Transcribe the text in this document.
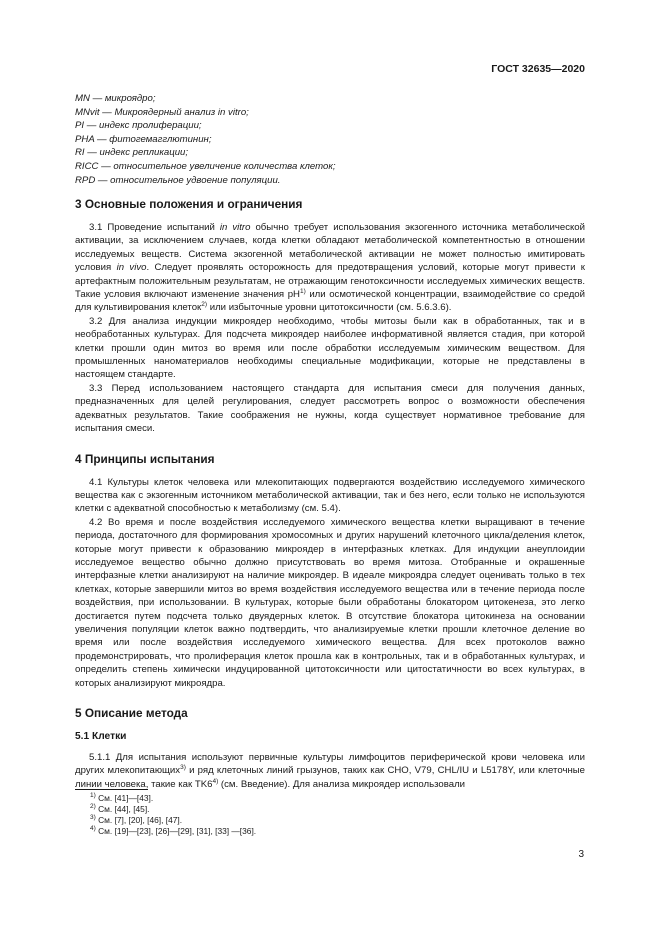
ГОСТ 32635—2020
MN — микроядро;
MNvit — Микроядерный анализ in vitro;
PI — индекс пролиферации;
PHA — фитогемагглютинин;
RI — индекс репликации;
RICC — относительное увеличение количества клеток;
RPD — относительное удвоение популяции.
3 Основные положения и ограничения

3.1 Проведение испытаний in vitro обычно требует использования экзогенного источника метаболической активации, за исключением случаев, когда клетки обладают метаболической компетентностью в отношении исследуемых веществ. Система экзогенной метаболической активации не может полностью имитировать условия in vivo. Следует проявлять осторожность для предотвращения условий, которые могут привести к артефактным положительным результатам, не отражающим генотоксичности исследуемых химических веществ. Такие условия включают изменение значения $рН^{1)}$ или осмотической концентрации, взаимодействие со средой для культивирования клеток$^{2)}$ или избыточные уровни цитотоксичности (см. 5.6.3.6).

3.2 Для анализа индукции микроядер необходимо, чтобы митозы были как в обработанных, так и в необработанных культурах. Для подсчета микроядер наиболее информативной является стадия, при которой клетки прошли один митоз во время или после обработки исследуемым химическим веществом. Для промышленных наноматериалов необходимы специальные модификации, которые не представлены в настоящем стандарте.

3.3 Перед использованием настоящего стандарта для испытания смеси для получения данных, предназначенных для целей регулирования, следует рассмотреть вопрос о возможности обеспечения адекватных результатов. Такие соображения не нужны, когда существует нормативное требование для испытания смеси.

4 Принципы испытания

4.1 Культуры клеток человека или млекопитающих подвергаются воздействию исследуемого химического вещества как с экзогенным источником метаболической активации, так и без него, если только не используются клетки с адекватной способностью к метаболизму (см. 5.4).

4.2 Во время и после воздействия исследуемого химического вещества клетки выращивают в течение периода, достаточного для формирования хромосомных и других нарушений клеточного цикла/деления клеток, которые могут привести к образованию микроядер в интерфазных клетках. Для индукции анеуплоидии исследуемое вещество обычно должно присутствовать во время митоза. Отобранные и окрашенные интерфазные клетки анализируют на наличие микроядер. В идеале микроядра следует оценивать только в тех клетках, которые завершили митоз во время воздействия исследуемого вещества или в течение периода после воздействия, при использовании. В культурах, которые были обработаны блокатором цитокенеза, это легко достигается путем подсчета только двуядерных клеток. В отсутствие блокатора цитокинеза на основании увеличения популяции клеток важно подтвердить, что анализируемые клетки прошли клеточное деление во время или после воздействия исследуемого химического вещества. Для всех протоколов важно продемонстрировать, что пролиферация клеток прошла как в контрольных, так и в обработанных культурах, и определить степень химически индуцированной цитотоксичности или цитостатичности во всех культурах, в которых анализируют микроядра.

5 Описание метода
5.1 Клетки

5.1.1 Для испытания используют первичные культуры лимфоцитов периферической крови человека или других млекопитающих$^{3)}$ и ряд клеточных линий грызунов, таких как CHO, V79, CHL/IU и L5178Y, или клеточные линии человека, такие как TK6$^{4)}$ (см. Введение). Для анализа микроядер использовали

$^{1)}$ См. [41]—[43].
$^{2)}$ См. [44], [45].
$^{3)}$ См. [7], [20], [46], [47].
$^{4)}$ См. [19]—[23], [26]—[29], [31], [33] —[36].
3
